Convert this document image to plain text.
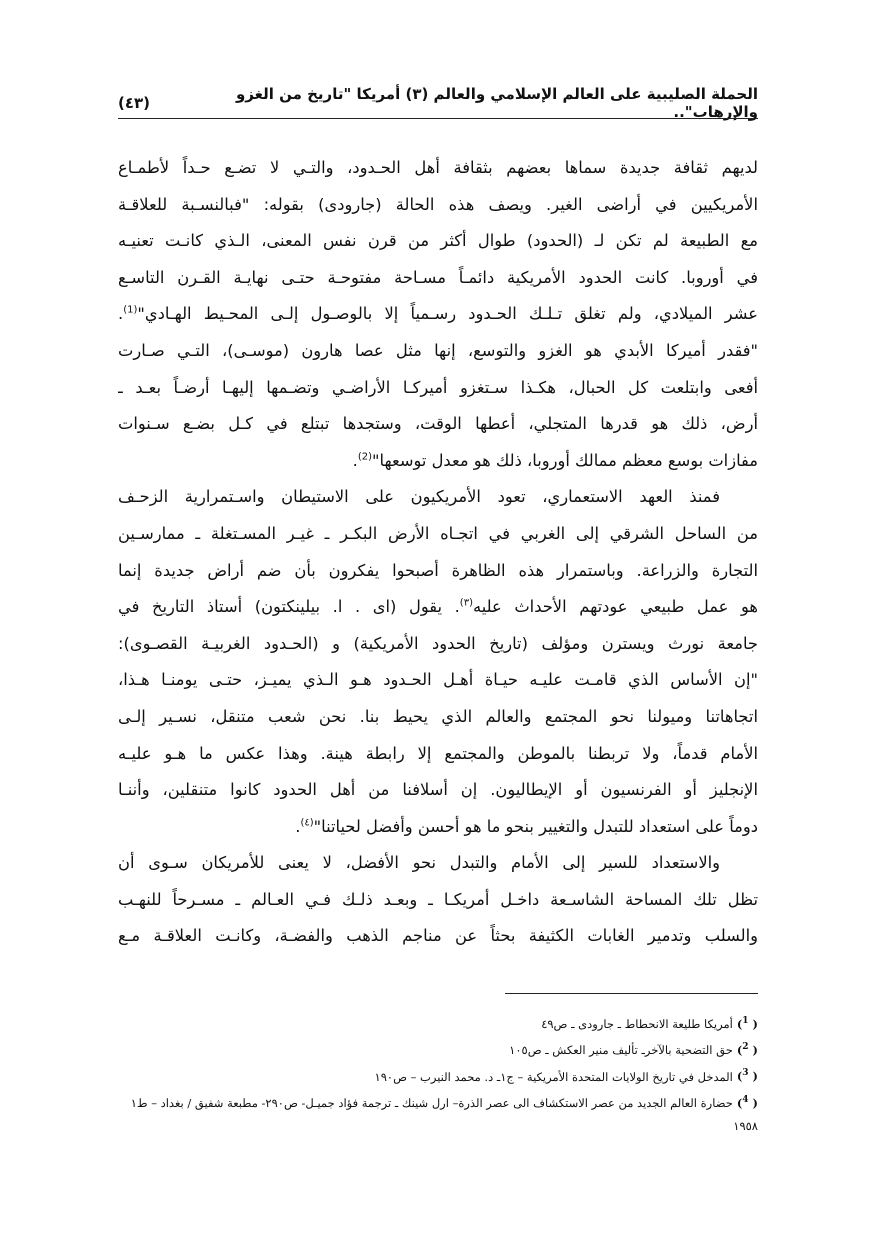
الحملة الصليبية على العالم الإسلامي والعالم (٣) أمريكا "تاريخ من الغزو والإرهاب"..
(٤٣)
لديهم ثقافة جديدة سماها بعضهم بثقافة أهل الحـدود، والتـي لا تضـع حـداً لأطمـاع
الأمريكيين في أراضى الغير. ويصف هذه الحالة (جارودى) بقوله: "فبالنسـبة للعلاقـة
مع الطبيعة لم تكن لـ (الحدود) طوال أكثر من قرن نفس المعنى، الـذي كانـت تعنيـه
في أوروبا. كانت الحدود الأمريكية دائمـاً مسـاحة مفتوحـة حتـى نهايـة القـرن التاسـع
عشر الميلادي، ولم تغلق تـلـك الحـدود رسـمياً إلا بالوصـول إلـى المحـيط الهـادي"$^{(1)}$.
"فقدر أميركا الأبدي هو الغزو والتوسع، إنها مثل عصا هارون (موسـى)، التـي صـارت
أفعى وابتلعت كل الحبال، هكـذا سـتغزو أميركـا الأراضـي وتضـمها إليهـا أرضـاً بعـد ـ
أرض، ذلك هو قدرها المتجلي، أعطها الوقت، وستجدها تبتلع في كـل بضـع سـنوات
مفازات بوسع معظم ممالك أوروبا، ذلك هو معدل توسعها"$^{(2)}$.
فمنذ العهد الاستعماري، تعود الأمريكيون على الاستيطان واسـتمرارية الزحـف
من الساحل الشرقي إلى الغربي في اتجـاه الأرض البكـر ـ غيـر المسـتغلة ـ ممارسـين
التجارة والزراعة. وباستمرار هذه الظاهرة أصبحوا يفكرون بأن ضم أراض جديدة إنما
هو عمل طبيعي عودتهم الأحداث عليه$^{(٣)}$. يقول (اى . ا. بيلينكتون) أستاذ التاريخ في
جامعة نورث ويسترن ومؤلف (تاريخ الحدود الأمريكية) و (الحـدود الغربيـة القصـوى):
"إن الأساس الذي قامـت عليـه حيـاة أهـل الحـدود هـو الـذي يميـز، حتـى يومنـا هـذا،
اتجاهاتنا وميولنا نحو المجتمع والعالم الذي يحيط بنا. نحن شعب متنقل، نسـير إلـى
الأمام قدماً، ولا تربطنا بالموطن والمجتمع إلا رابطة هينة. وهذا عكس ما هـو عليـه
الإنجليز أو الفرنسيون أو الإيطاليون. إن أسلافنا من أهل الحدود كانوا متنقلين، وأننـا
دوماً على استعداد للتبدل والتغيير بنحو ما هو أحسن وأفضل لحياتنا"$^{(٤)}$.
والاستعداد للسير إلى الأمام والتبدل نحو الأفضل، لا يعنى للأمريكان سـوى أن
تظل تلك المساحة الشاسـعة داخـل أمريكـا ـ وبعـد ذلـك فـي العـالم ـ مسـرحاً للنهـب
والسلب وتدمير الغابات الكثيفة بحثاً عن مناجم الذهب والفضـة، وكانـت العلاقـة مـع
( $^1$)أمريكا طليعة الانحطاط ـ جارودى ـ ص٤٩
( $^2$)حق التضحية بالآخرـ تأليف منير العكش ـ ص١٠٥
( $^3$)المدخل في تاريخ الولايات المتحدة الأمريكية – ج١ـ د. محمد النيرب – ص١٩٠
( $^4$)حضارة العالم الجديد من عصر الاستكشاف الى عصر الذرة– ارل شينك ـ ترجمة فؤاد جميـل- ص٢٩٠- مطبعة شفيق / بغداد – ط١ ١٩٥٨
